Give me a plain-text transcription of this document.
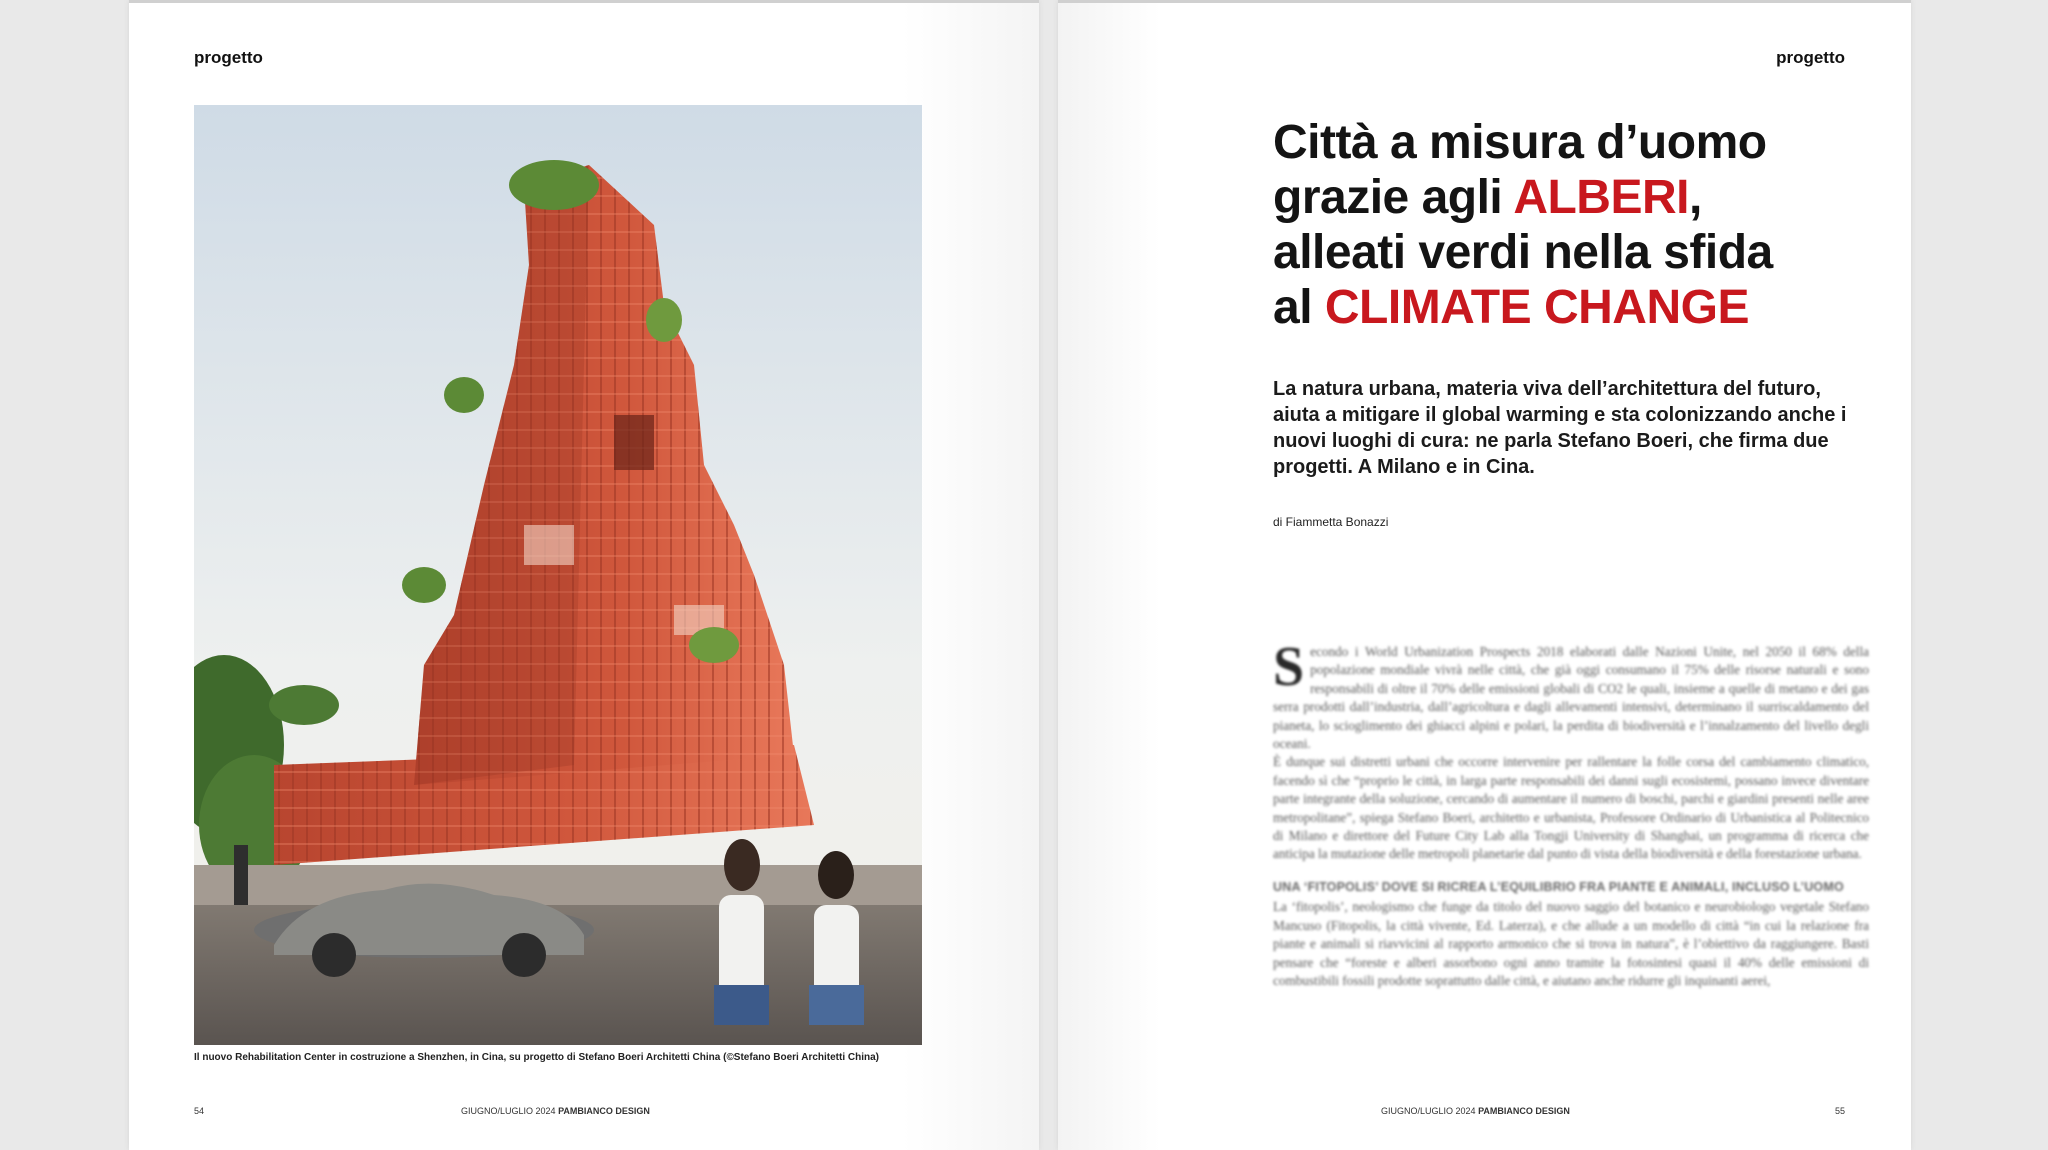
progetto
Il nuovo Rehabilitation Center in costruzione a Shenzhen, in Cina, su progetto di Stefano Boeri Architetti China (©Stefano Boeri Architetti China)
54	GIUGNO/LUGLIO 2024 PAMBIANCO DESIGN
progetto
Città a misura d’uomo
grazie agli ALBERI,
alleati verdi nella sfida
al CLIMATE CHANGE
La natura urbana, materia viva dell’architettura del futuro, aiuta a mitigare il global warming e sta colonizzando anche i nuovi luoghi di cura: ne parla Stefano Boeri, che firma due progetti. A Milano e in Cina.
di Fiammetta Bonazzi

Secondo i World Urbanization Prospects 2018 elaborati dalle Nazioni Unite, nel 2050 il 68% della popolazione mondiale vivrà nelle città, che già oggi consumano il 75% delle risorse naturali e sono responsabili di oltre il 70% delle emissioni globali di CO2 le quali, insieme a quelle di metano e dei gas serra prodotti dall’industria, dall’agricoltura e dagli allevamenti intensivi, determinano il surriscaldamento del pianeta, lo scioglimento dei ghiacci alpini e polari, la perdita di biodiversità e l’innalzamento del livello degli oceani.

È dunque sui distretti urbani che occorre intervenire per rallentare la folle corsa del cambiamento climatico, facendo sì che “proprio le città, in larga parte responsabili dei danni sugli ecosistemi, possano invece diventare parte integrante della soluzione, cercando di aumentare il numero di boschi, parchi e giardini presenti nelle aree metropolitane”, spiega Stefano Boeri, architetto e urbanista, Professore Ordinario di Urbanistica al Politecnico di Milano e direttore del Future City Lab alla Tongji University di Shanghai, un programma di ricerca che anticipa la mutazione delle metropoli planetarie dal punto di vista della biodiversità e della forestazione urbana.

UNA ‘FITOPOLIS’ DOVE SI RICREA L’EQUILIBRIO FRA PIANTE E ANIMALI, INCLUSO L’UOMO

La ‘fitopolis’, neologismo che funge da titolo del nuovo saggio del botanico e neurobiologo vegetale Stefano Mancuso (Fitopolis, la città vivente, Ed. Laterza), e che allude a un modello di città “in cui la relazione fra piante e animali si riavvicini al rapporto armonico che si trova in natura”, è l’obiettivo da raggiungere. Basti pensare che “foreste e alberi assorbono ogni anno tramite la fotosintesi quasi il 40% delle emissioni di combustibili fossili prodotte soprattutto dalle città, e aiutano anche ridurre gli inquinanti aerei,

GIUGNO/LUGLIO 2024 PAMBIANCO DESIGN	55
